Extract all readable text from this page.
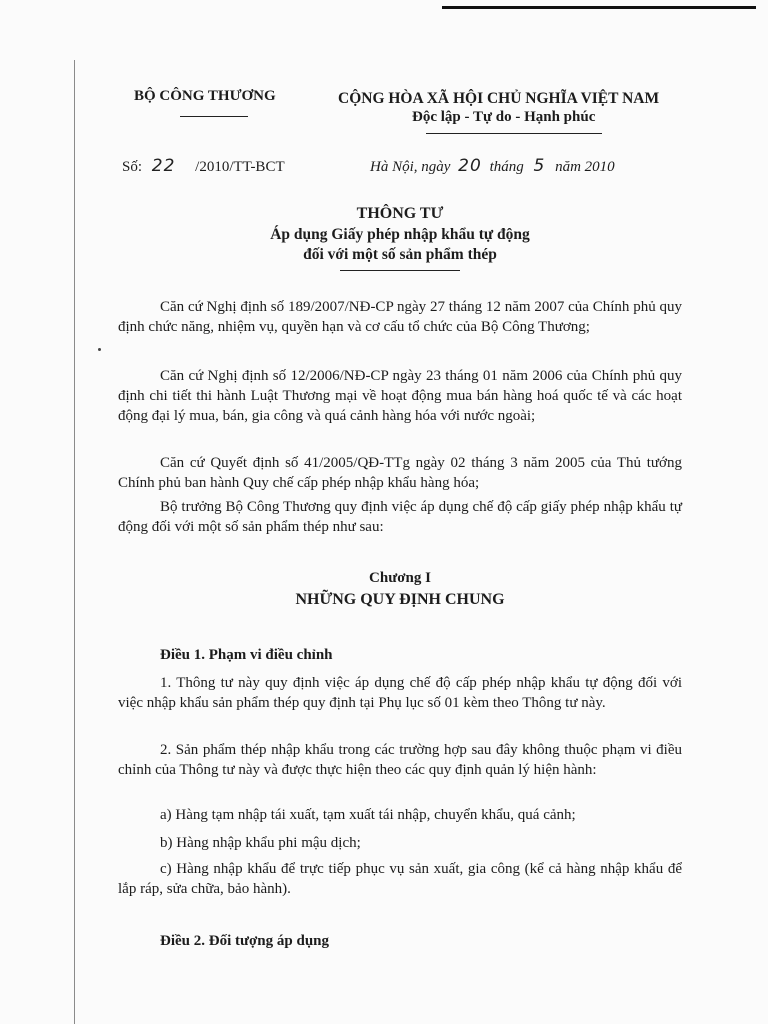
BỘ CÔNG THƯƠNG	CỘNG HÒA XÃ HỘI CHỦ NGHĨA VIỆT NAM
Độc lập - Tự do - Hạnh phúc
Số: 22 /2010/TT-BCT	Hà Nội, ngày 20 tháng 5 năm 2010
THÔNG TƯ
Áp dụng Giấy phép nhập khẩu tự động
đối với một số sản phẩm thép

Căn cứ Nghị định số 189/2007/NĐ-CP ngày 27 tháng 12 năm 2007 của Chính phủ quy định chức năng, nhiệm vụ, quyền hạn và cơ cấu tổ chức của Bộ Công Thương;

Căn cứ Nghị định số 12/2006/NĐ-CP ngày 23 tháng 01 năm 2006 của Chính phủ quy định chi tiết thi hành Luật Thương mại về hoạt động mua bán hàng hoá quốc tế và các hoạt động đại lý mua, bán, gia công và quá cảnh hàng hóa với nước ngoài;

Căn cứ Quyết định số 41/2005/QĐ-TTg ngày 02 tháng 3 năm 2005 của Thủ tướng Chính phủ ban hành Quy chế cấp phép nhập khẩu hàng hóa;

Bộ trưởng Bộ Công Thương quy định việc áp dụng chế độ cấp giấy phép nhập khẩu tự động đối với một số sản phẩm thép như sau:

Chương I
NHỮNG QUY ĐỊNH CHUNG
Điều 1. Phạm vi điều chỉnh

1. Thông tư này quy định việc áp dụng chế độ cấp phép nhập khẩu tự động đối với việc nhập khẩu sản phẩm thép quy định tại Phụ lục số 01 kèm theo Thông tư này.

2. Sản phẩm thép nhập khẩu trong các trường hợp sau đây không thuộc phạm vi điều chỉnh của Thông tư này và được thực hiện theo các quy định quản lý hiện hành:

a) Hàng tạm nhập tái xuất, tạm xuất tái nhập, chuyển khẩu, quá cảnh;

b) Hàng nhập khẩu phi mậu dịch;

c) Hàng nhập khẩu để trực tiếp phục vụ sản xuất, gia công (kể cả hàng nhập khẩu để lắp ráp, sửa chữa, bảo hành).

Điều 2. Đối tượng áp dụng
